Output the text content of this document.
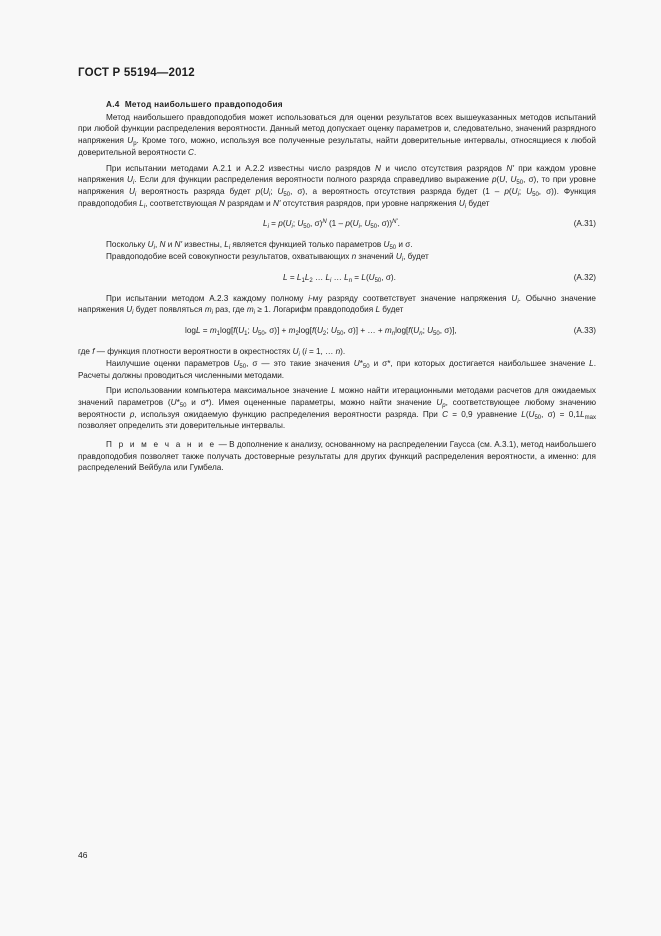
ГОСТ Р 55194—2012
А.4 Метод наибольшего правдоподобия

Метод наибольшего правдоподобия может использоваться для оценки результатов всех вышеуказанных методов испытаний при любой функции распределения вероятности. Данный метод допускает оценку параметров и, следовательно, значений разрядного напряжения $U_p$. Кроме того, можно, используя все полученные результаты, найти доверительные интервалы, относящиеся к любой доверительной вероятности C.

При испытании методами А.2.1 и А.2.2 известны число разрядов N и число отсутствия разрядов N' при каждом уровне напряжения $U_i$. Если для функции распределения вероятности полного разряда справедливо выражение p(U, $U_{50}$, σ), то при уровне напряжения $U_i$ вероятность разряда будет $p(U_i$; $U_{50}$, σ), а вероятность отсутствия разряда будет ($1 - p(U_i$; $U_{50}$, σ)). Функция правдоподобия $L_i$, соответствующая N разрядам и N' отсутствия разрядов, при уровне напряжения $U_i$ будет

$L_i = p(U_i$; $U_{50}$, σ)$^N$ ($1 - p(U_i$, $U_{50}$, σ))$^{N'}$.	(А.31)

Поскольку $U_i$, N и N' известны, $L_i$ является функцией только параметров $U_{50}$ и σ.

Правдоподобие всей совокупности результатов, охватывающих n значений $U_i$, будет

$L = L_1L_2$ … $L_i$ … $L_n = L(U_{50}$, σ).	(А.32)

При испытании методом А.2.3 каждому полному i-му разряду соответствует значение напряжения $U_i$. Обычно значение напряжения $U_i$ будет появляться $m_i$ раз, где $m_i \ge 1$. Логарифм правдоподобия L будет

$\log L = m_1\log[f(U_1$; $U_{50}$, $\sigma)] + m_2\log[f(U_2$; $U_{50}$, σ)] + … + $m_n\log[f(U_n$; $U_{50}$, σ)],	(А.33)

где f — функция плотности вероятности в окрестностях $U_i$ (i = 1, … n).

Наилучшие оценки параметров $U_{50}$, σ — это такие значения $U*_{50}$ и σ*, при которых достигается наибольшее значение L. Расчеты должны проводиться численными методами.

При использовании компьютера максимальное значение L можно найти итерационными методами расчетов для ожидаемых значений параметров ($U*_{50}$ и σ*). Имея оцененные параметры, можно найти значение $U_p$, соответствующее любому значению вероятности p, используя ожидаемую функцию распределения вероятности разряда. При C = 0,9 уравнение $L(U_{50}$, $\sigma) = 0,1L_{max}$ позволяет определить эти доверительные интервалы.

П р и м е ч а н и е — В дополнение к анализу, основанному на распределении Гаусса (см. А.3.1), метод наибольшего правдоподобия позволяет также получать достоверные результаты для других функций распределения вероятности, а именно: для распределений Вейбула или Гумбела.

46
